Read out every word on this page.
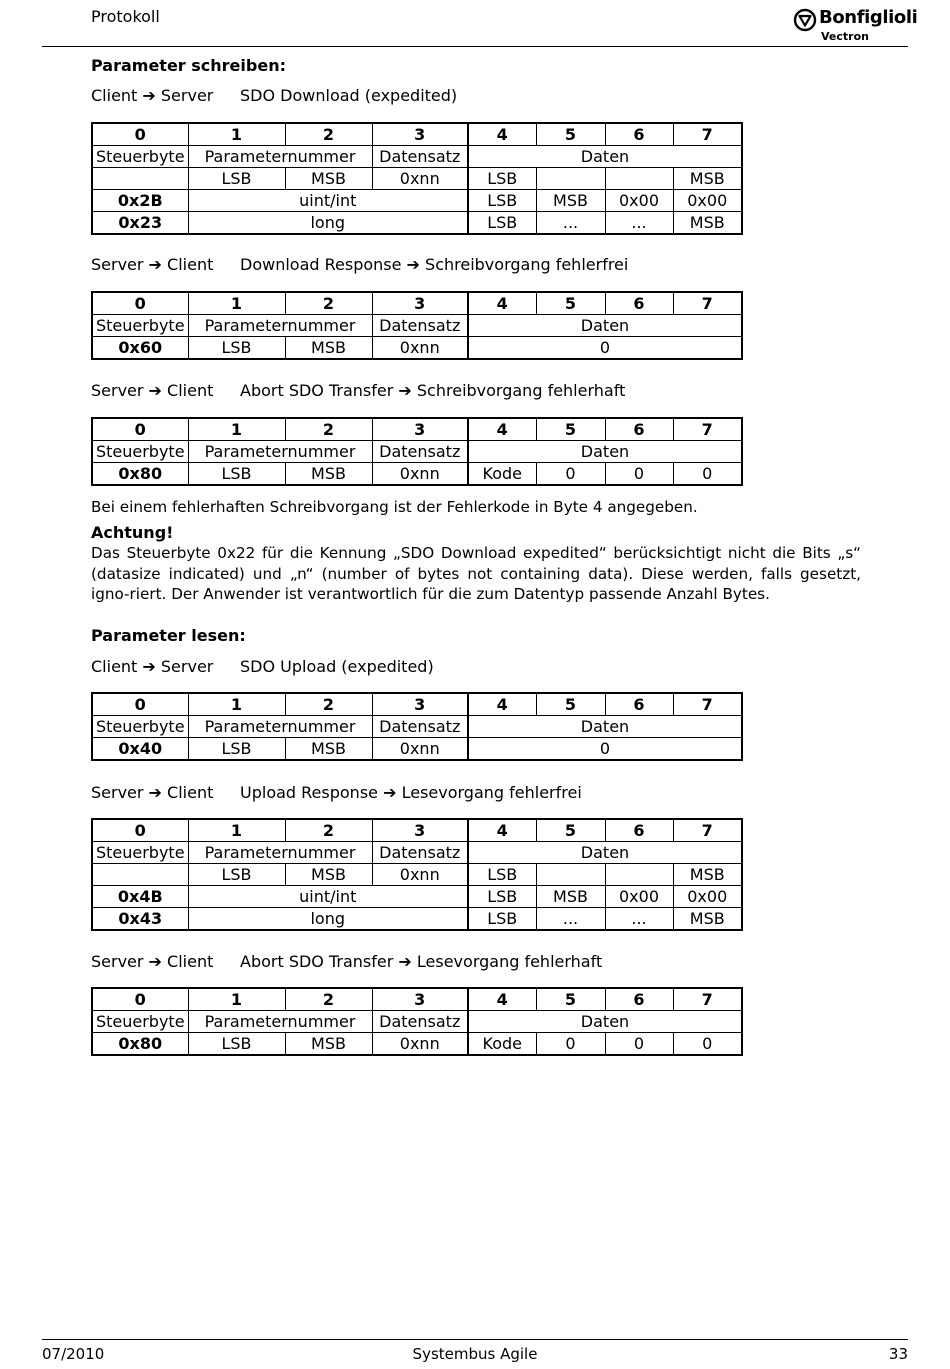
Protokoll	Bonfiglioli
Vectron
Parameter schreiben:
Client ➔ Server SDO Download (expedited)
0	1	2	3	4	5	6	7
Steuerbyte	Parameternummer		Datensatz	Daten			
	LSB	MSB	0xnn	LSB			MSB
0x2B	uint/int			LSB	MSB	0x00	0x00
0x23	long			LSB	...	...	MSB
Server ➔ Client Download Response ➔ Schreibvorgang fehlerfrei
0	1	2	3	4	5	6	7
Steuerbyte	Parameternummer		Datensatz	Daten			
0x60	LSB	MSB	0xnn	0			
Server ➔ Client Abort SDO Transfer ➔ Schreibvorgang fehlerhaft
0	1	2	3	4	5	6	7
Steuerbyte	Parameternummer		Datensatz	Daten			
0x80	LSB	MSB	0xnn	Kode	0	0	0
Bei einem fehlerhaften Schreibvorgang ist der Fehlerkode in Byte 4 angegeben.
Achtung!
Das Steuerbyte 0x22 für die Kennung „SDO Download expedited“ berücksichtigt nicht die Bits „s“ (datasize indicated) und „n“ (number of bytes not containing data). Diese werden, falls gesetzt, igno-riert. Der Anwender ist verantwortlich für die zum Datentyp passende Anzahl Bytes.
Parameter lesen:
Client ➔ Server SDO Upload (expedited)
0	1	2	3	4	5	6	7
Steuerbyte	Parameternummer		Datensatz	Daten			
0x40	LSB	MSB	0xnn	0			
Server ➔ Client Upload Response ➔ Lesevorgang fehlerfrei
0	1	2	3	4	5	6	7
Steuerbyte	Parameternummer		Datensatz	Daten			
	LSB	MSB	0xnn	LSB			MSB
0x4B	uint/int			LSB	MSB	0x00	0x00
0x43	long			LSB	...	...	MSB
Server ➔ Client Abort SDO Transfer ➔ Lesevorgang fehlerhaft
0	1	2	3	4	5	6	7
Steuerbyte	Parameternummer		Datensatz	Daten			
0x80	LSB	MSB	0xnn	Kode	0	0	0
07/2010	Systembus Agile	33
